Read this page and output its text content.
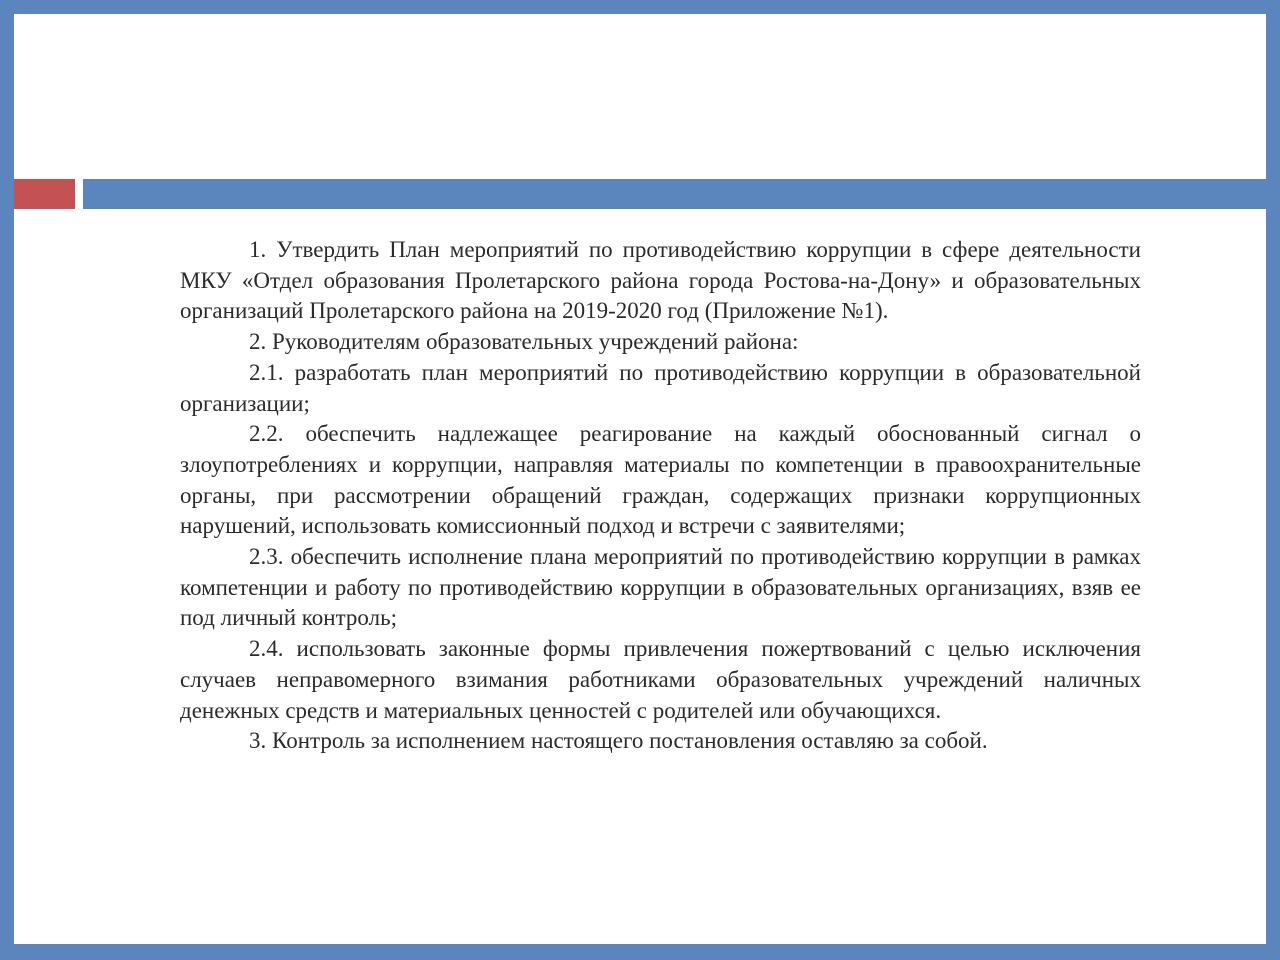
1. Утвердить План мероприятий по противодействию коррупции в сфере деятельности МКУ «Отдел образования Пролетарского района города Ростова-на-Дону» и образовательных организаций Пролетарского района на 2019-2020 год (Приложение №1).

2. Руководителям образовательных учреждений района:

2.1. разработать план мероприятий по противодействию коррупции в образовательной организации;

2.2. обеспечить надлежащее реагирование на каждый обоснованный сигнал о злоупотреблениях и коррупции, направляя материалы по компетенции в правоохранительные органы, при рассмотрении обращений граждан, содержащих признаки коррупционных нарушений, использовать комиссионный подход и встречи с заявителями;

2.3. обеспечить исполнение плана мероприятий по противодействию коррупции в рамках компетенции и работу по противодействию коррупции в образовательных организациях, взяв ее под личный контроль;

2.4. использовать законные формы привлечения пожертвований с целью исключения случаев неправомерного взимания работниками образовательных учреждений наличных денежных средств и материальных ценностей с родителей или обучающихся.

3. Контроль за исполнением настоящего постановления оставляю за собой.
